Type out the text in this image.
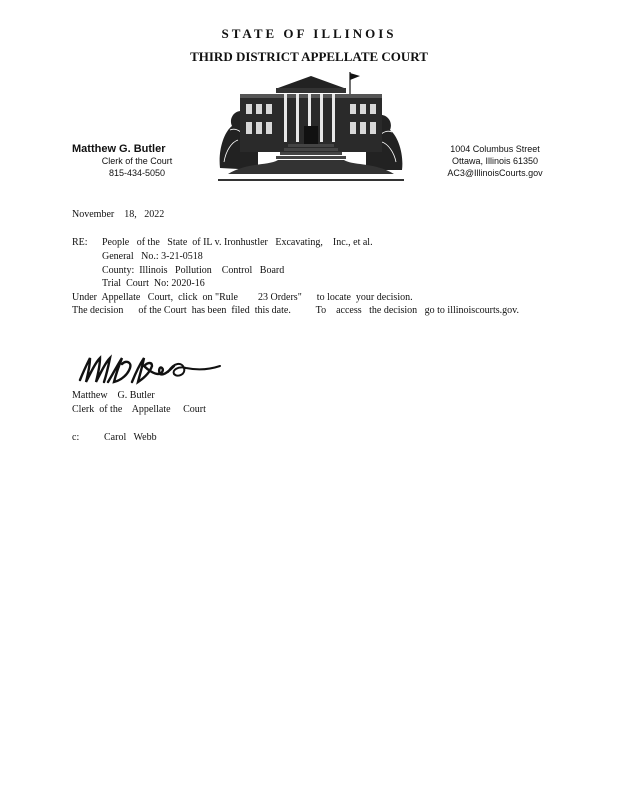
STATE OF ILLINOIS
THIRD DISTRICT APPELLATE COURT
Matthew G. Butler
Clerk of the Court
815-434-5050
1004 Columbus Street
Ottawa, Illinois 61350
AC3@IllinoisCourts.gov
November    18,   2022
RE: People   of the   State  of IL v. Ironhustler   Excavating,    Inc., et al.
General   No.: 3-21-0518
County:  Illinois   Pollution    Control   Board
Trial  Court  No: 2020-16
Under  Appellate   Court,  click  on "Rule        23 Orders"      to locate  your decision.
The decision      of the Court  has been  filed  this date.          To    access   the decision   go to illinoiscourts.gov.
Matthew    G. Butler
Clerk  of the    Appellate     Court
c: Carol   Webb
